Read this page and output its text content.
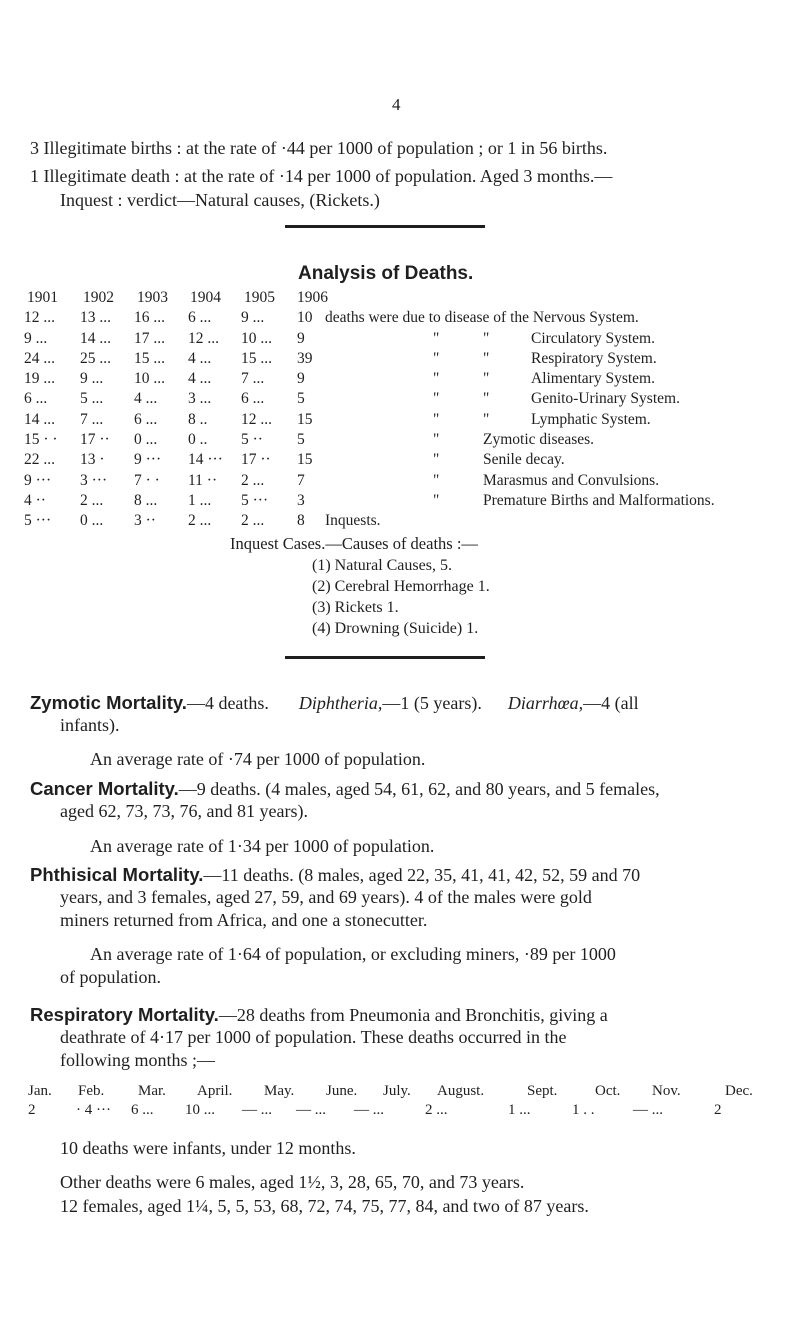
4
3 Illegitimate births : at the rate of ·44 per 1000 of population ; or 1 in 56 births.
1 Illegitimate death : at the rate of ·14 per 1000 of population. Aged 3 months.—
Inquest : verdict—Natural causes, (Rickets.)
Analysis of Deaths.
1901 1902 1903 1904 1905 1906
12 ... 13 ... 16 ... 6 ... 9 ... 10 deaths were due to disease of the Nervous System.
9 ... 14 ... 17 ... 12 ... 10 ... 9	"	"	Circulatory System.
24 ... 25 ... 15 ... 4 ... 15 ... 39	"	"	Respiratory System.
19 ... 9 ... 10 ... 4 ... 7 ... 9	"	"	Alimentary System.
6 ... 5 ... 4 ... 3 ... 6 ... 5	"	"	Genito-Urinary System.
14 ... 7 ... 6 ... 8 .. 12 ... 15	"	"	Lymphatic System.
15 · · 17 ·· 0 ... 0 .. 5 ·· 5	"	Zymotic diseases.
22 ... 13 · 9 ··· 14 ··· 17 ·· 15	"	Senile decay.
9 ··· 3 ··· 7 · · 11 ·· 2 ... 7	"	Marasmus and Convulsions.
4 ·· 2 ... 8 ... 1 ... 5 ··· 3	"	Premature Births and Malformations.
5 ··· 0 ... 3 ·· 2 ... 2 ... 8 Inquests.
Inquest Cases.—Causes of deaths :—
(1) Natural Causes, 5.
(2) Cerebral Hemorrhage 1.
(3) Rickets 1.
(4) Drowning (Suicide) 1.
Zymotic Mortality.—4 deaths. Diphtheria,—1 (5 years). Diarrhœa,—4 (all
infants).
An average rate of ·74 per 1000 of population.
Cancer Mortality.—9 deaths. (4 males, aged 54, 61, 62, and 80 years, and 5 females,
aged 62, 73, 73, 76, and 81 years).
An average rate of 1·34 per 1000 of population.
Phthisical Mortality.—11 deaths. (8 males, aged 22, 35, 41, 41, 42, 52, 59 and 70
years, and 3 females, aged 27, 59, and 69 years). 4 of the males were gold
miners returned from Africa, and one a stonecutter.
An average rate of 1·64 of population, or excluding miners, ·89 per 1000
of population.
Respiratory Mortality.—28 deaths from Pneumonia and Bronchitis, giving a
deathrate of 4·17 per 1000 of population. These deaths occurred in the
following months ;—
Jan. Feb. Mar. April. May. June. July. August.	Sept.	Oct. Nov.	Dec.
2	· 4 ··· 6 ... 10 ... — ... — ... — ...	2 ...	1 ...	1 . .	— ...	2
10 deaths were infants, under 12 months.
Other deaths were 6 males, aged 1½, 3, 28, 65, 70, and 73 years.
12 females, aged 1¼, 5, 5, 53, 68, 72, 74, 75, 77, 84, and two of 87 years.
